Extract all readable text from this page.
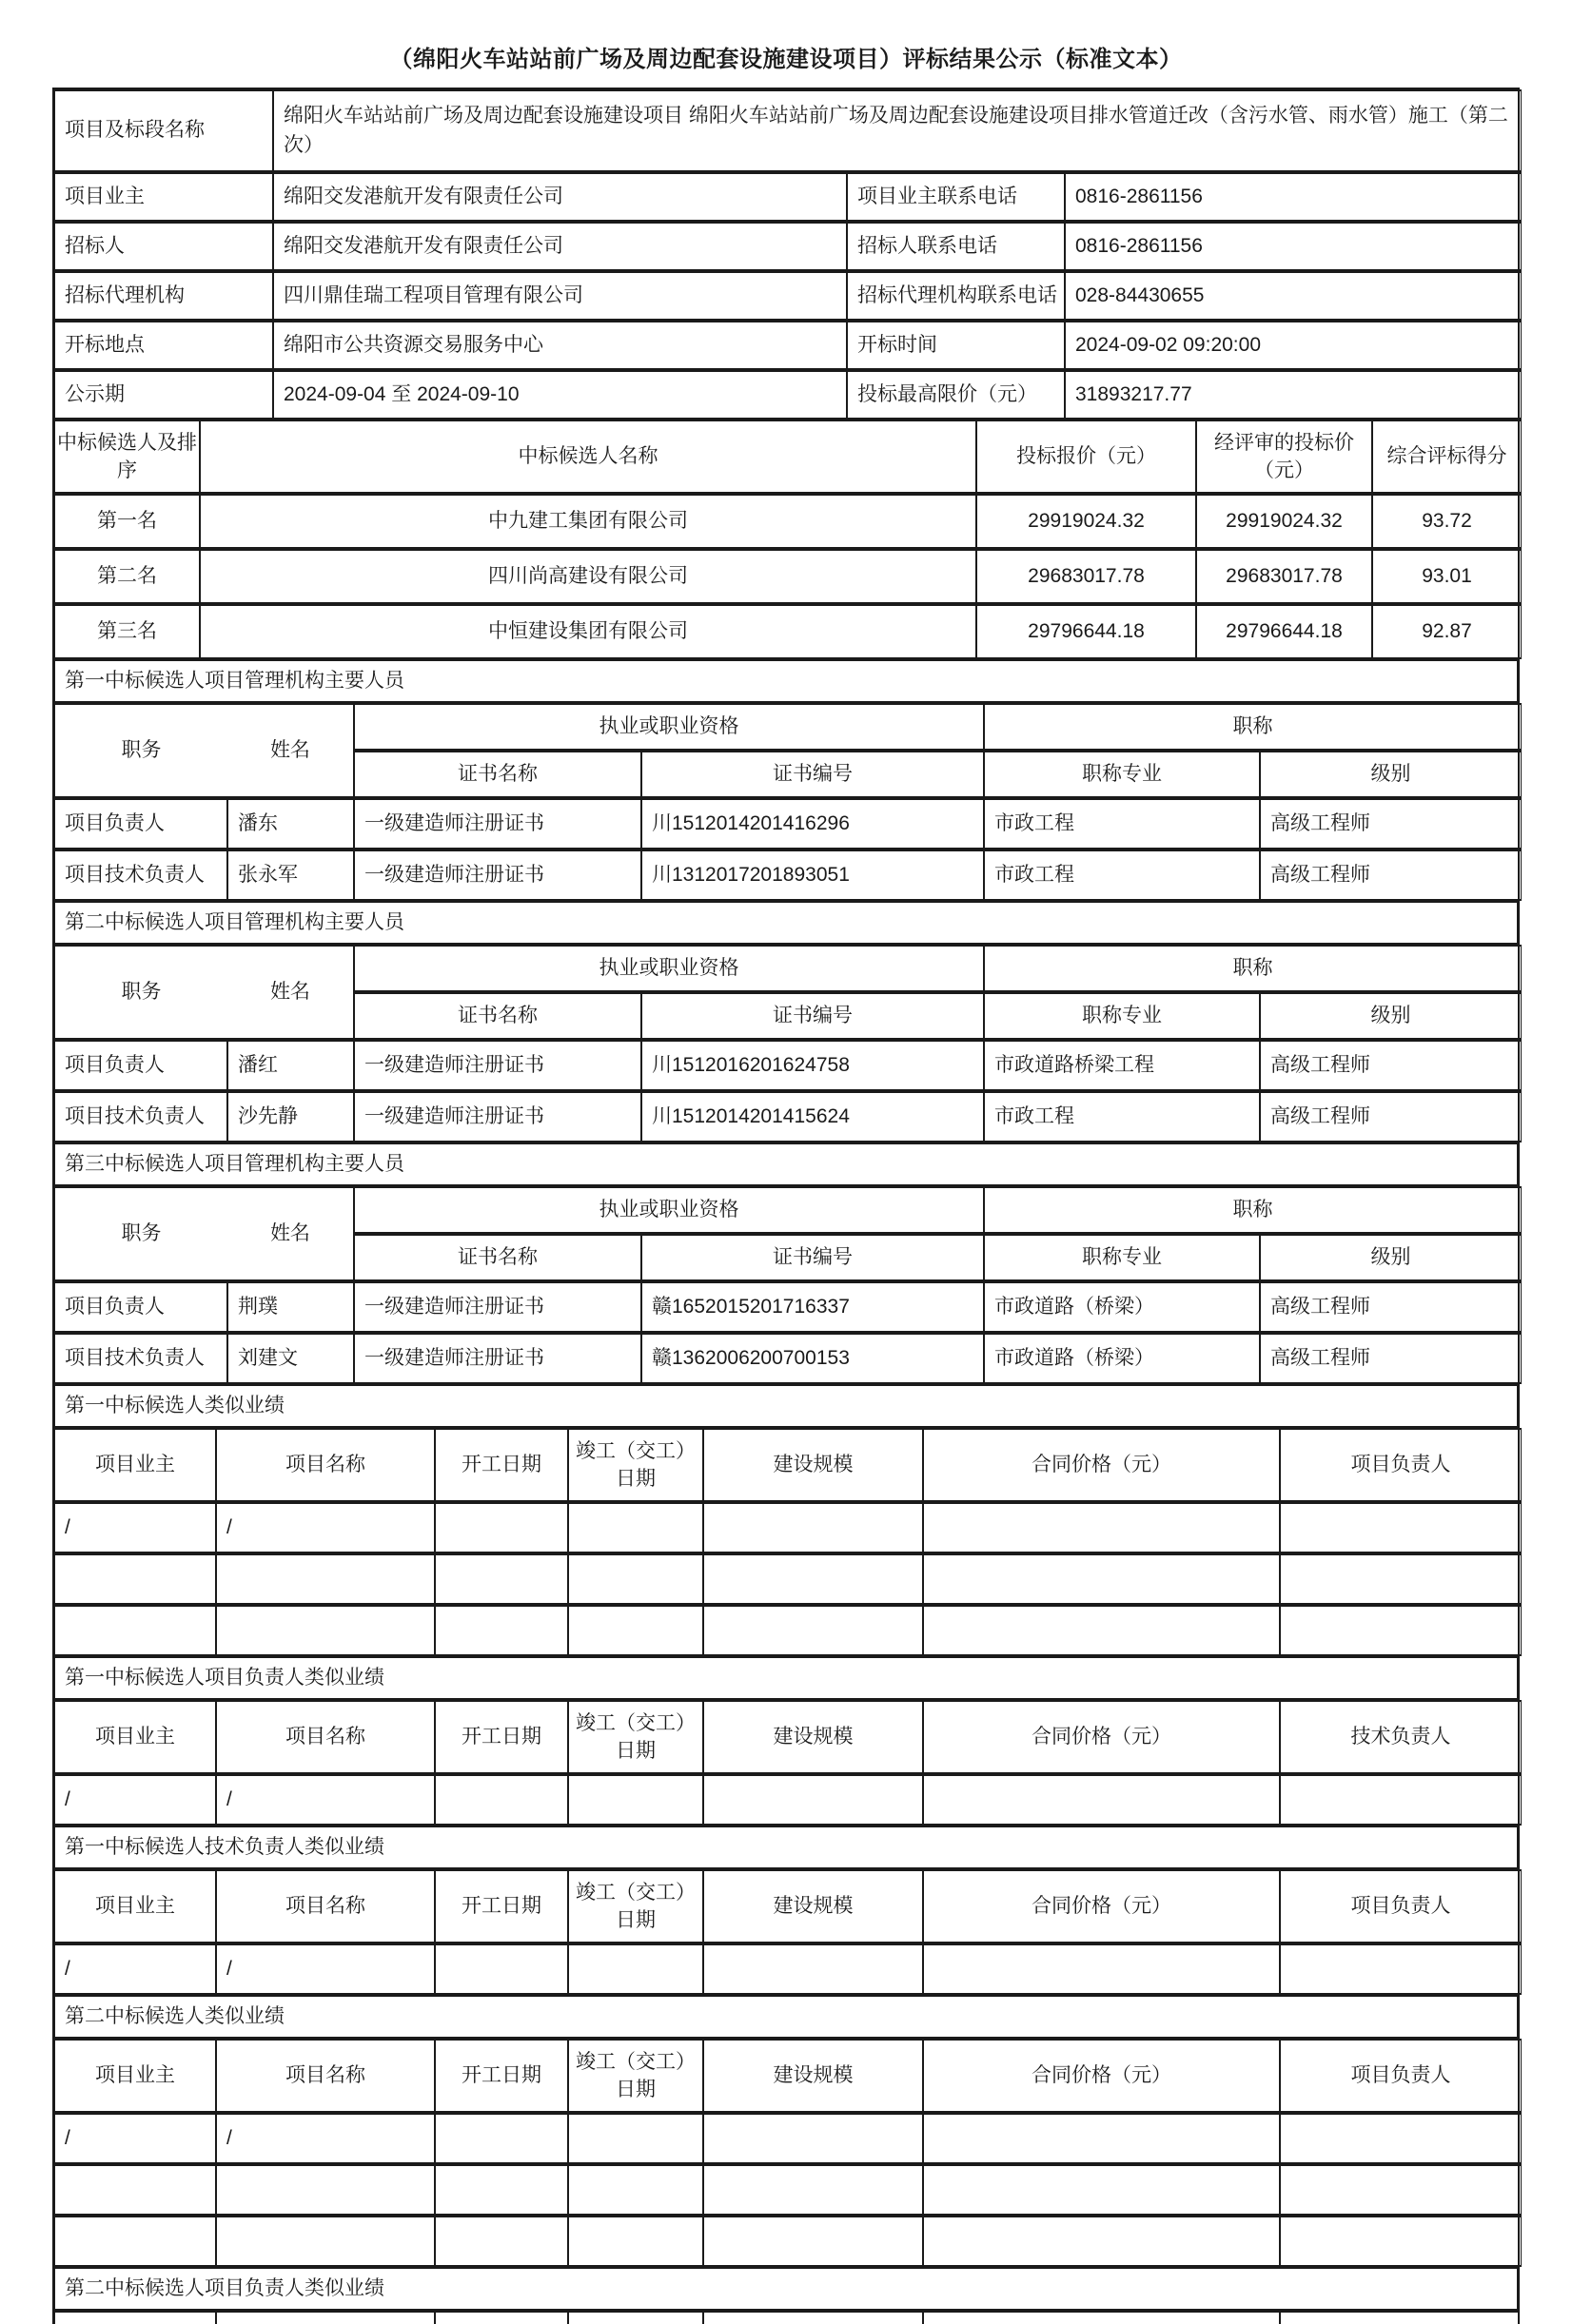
（绵阳火车站站前广场及周边配套设施建设项目）评标结果公示（标准文本）
项目及标段名称	绵阳火车站站前广场及周边配套设施建设项目 绵阳火车站站前广场及周边配套设施建设项目排水管道迁改（含污水管、雨水管）施工（第二次）		
项目业主	绵阳交发港航开发有限责任公司	项目业主联系电话	0816-2861156
招标人	绵阳交发港航开发有限责任公司	招标人联系电话	0816-2861156
招标代理机构	四川鼎佳瑞工程项目管理有限公司	招标代理机构联系电话	028-84430655
开标地点	绵阳市公共资源交易服务中心	开标时间	2024-09-02 09:20:00
公示期	2024-09-04 至 2024-09-10	投标最高限价（元）	31893217.77
中标候选人及排序	中标候选人名称	投标报价（元）	经评审的投标价（元）	综合评标得分
第一名	中九建工集团有限公司	29919024.32	29919024.32	93.72
第二名	四川尚高建设有限公司	29683017.78	29683017.78	93.01
第三名	中恒建设集团有限公司	29796644.18	29796644.18	92.87
第一中标候选人项目管理机构主要人员
职务 姓名		执业或职业资格		职称	
		证书名称	证书编号	职称专业	级别
项目负责人	潘东	一级建造师注册证书	川1512014201416296	市政工程	高级工程师
项目技术负责人	张永军	一级建造师注册证书	川1312017201893051	市政工程	高级工程师
第二中标候选人项目管理机构主要人员
职务 姓名		执业或职业资格		职称	
		证书名称	证书编号	职称专业	级别
项目负责人	潘红	一级建造师注册证书	川1512016201624758	市政道路桥梁工程	高级工程师
项目技术负责人	沙先静	一级建造师注册证书	川1512014201415624	市政工程	高级工程师
第三中标候选人项目管理机构主要人员
职务 姓名		执业或职业资格		职称	
		证书名称	证书编号	职称专业	级别
项目负责人	荆璞	一级建造师注册证书	赣1652015201716337	市政道路（桥梁）	高级工程师
项目技术负责人	刘建文	一级建造师注册证书	赣1362006200700153	市政道路（桥梁）	高级工程师
第一中标候选人类似业绩
项目业主	项目名称	开工日期	竣工（交工）日期	建设规模	合同价格（元）	项目负责人
/	/					

第一中标候选人项目负责人类似业绩
项目业主	项目名称	开工日期	竣工（交工）日期	建设规模	合同价格（元）	技术负责人
/	/					
第一中标候选人技术负责人类似业绩
项目业主	项目名称	开工日期	竣工（交工）日期	建设规模	合同价格（元）	项目负责人
/	/					
第二中标候选人类似业绩
项目业主	项目名称	开工日期	竣工（交工）日期	建设规模	合同价格（元）	项目负责人
/	/					

第二中标候选人项目负责人类似业绩
